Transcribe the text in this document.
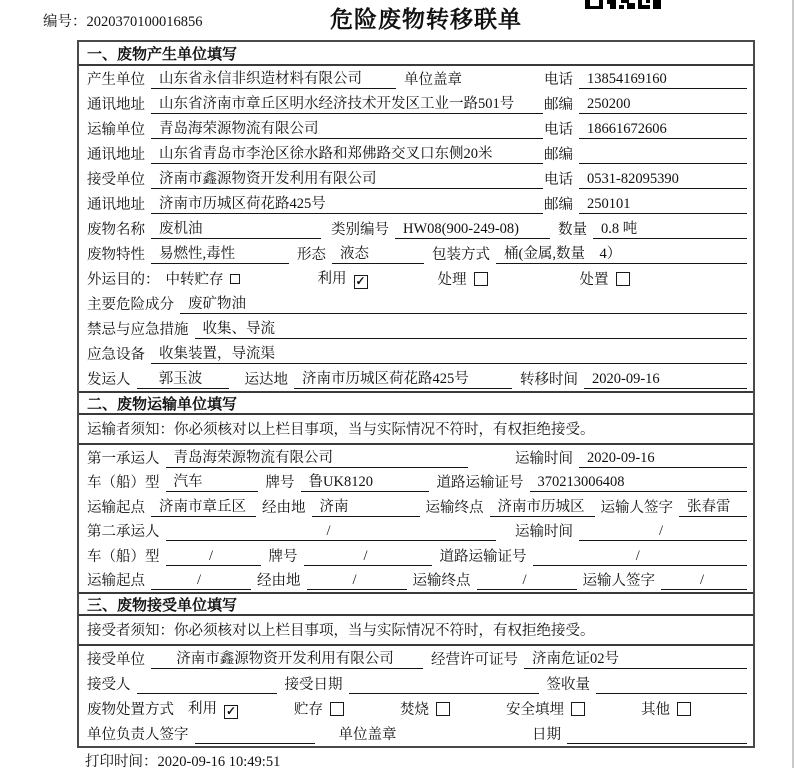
编号：2020370100016856	危险废物转移联单
一、废物产生单位填写
产生单位 山东省永信非织造材料有限公司	单位盖章	电话 13854169160
通讯地址 山东省济南市章丘区明水经济技术开发区工业一路501号	邮编 250200
运输单位 青岛海荣源物流有限公司	电话 18661672606
通讯地址 山东省青岛市李沧区徐水路和郑佛路交叉口东侧20米	邮编
接受单位 济南市鑫源物资开发利用有限公司	电话 0531-82095390
通讯地址 济南市历城区荷花路425号	邮编 250101
废物名称 废机油	类别编号 HW08(900-249-08)	数量 0.8 吨
废物特性 易燃性,毒性	形态 液态	包装方式 桶(金属,数量　4）
外运目的： 中转贮存	利用 ✓	处理	处置
主要危险成分 废矿物油
禁忌与应急措施 收集、导流
应急设备 收集装置，导流渠
发运人	郭玉波	运达地 济南市历城区荷花路425号	转移时间 2020-09-16
二、废物运输单位填写
运输者须知：你必须核对以上栏目事项，当与实际情况不符时，有权拒绝接受。
第一承运人 青岛海荣源物流有限公司	运输时间 2020-09-16
车（船）型 汽车	牌号 鲁UK8120	道路运输证号 370213006408
运输起点 济南市章丘区	经由地 济南	运输终点 济南市历城区	运输人签字 张春雷
第二承运人	/	运输时间	/
车（船）型	/	牌号	/	道路运输证号	/
运输起点	/	经由地	/	运输终点	/	运输人签字	/
三、废物接受单位填写
接受者须知：你必须核对以上栏目事项，当与实际情况不符时，有权拒绝接受。
接受单位	济南市鑫源物资开发利用有限公司	经营许可证号 济南危证02号
接受人	接受日期	签收量
废物处置方式 利用 ✓	贮存	焚烧	安全填埋	其他
单位负责人签字	单位盖章	日期
打印时间：2020-09-16 10:49:51
